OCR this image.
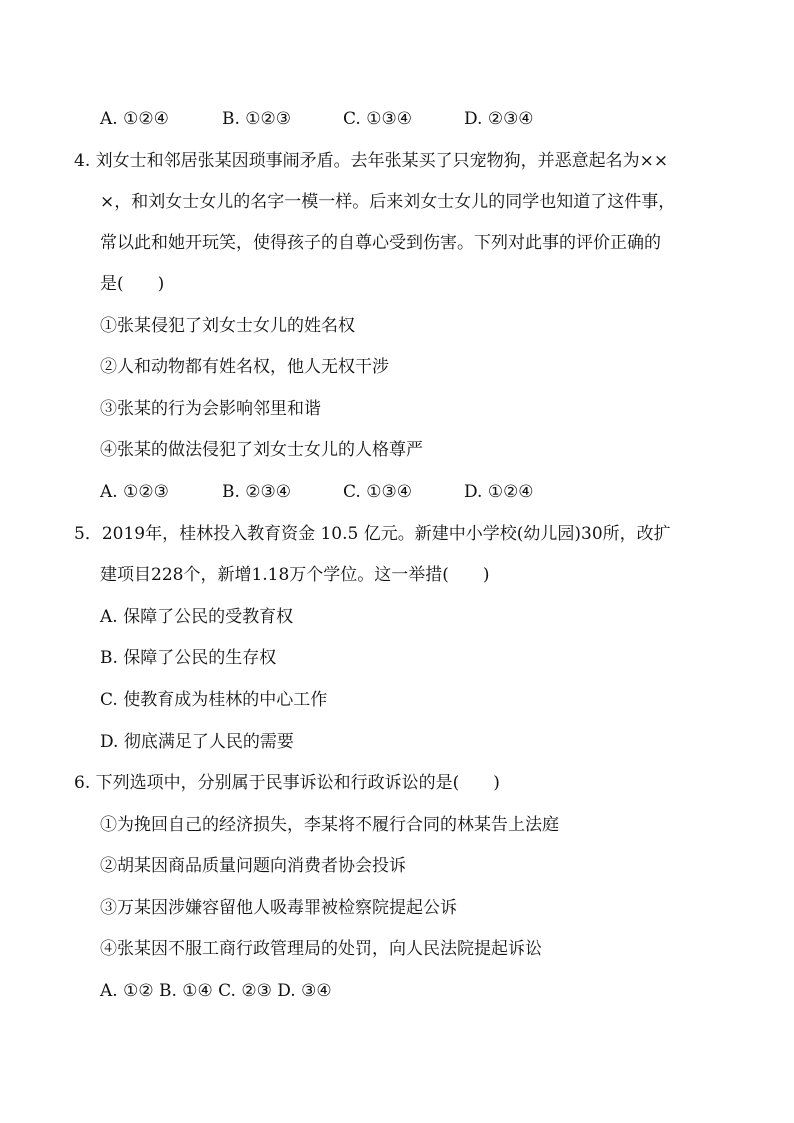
A. ①②④	B. ①②③	C. ①③④	D. ②③④
4. 刘女士和邻居张某因琐事闹矛盾。去年张某买了只宠物狗，并恶意起名为××
×，和刘女士女儿的名字一模一样。后来刘女士女儿的同学也知道了这件事，
常以此和她开玩笑，使得孩子的自尊心受到伤害。下列对此事的评价正确的
是(　　)
①张某侵犯了刘女士女儿的姓名权
②人和动物都有姓名权，他人无权干涉
③张某的行为会影响邻里和谐
④张某的做法侵犯了刘女士女儿的人格尊严
A. ①②③	B. ②③④	C. ①③④	D. ①②④
5．2019年，桂林投入教育资金 10.5 亿元。新建中小学校(幼儿园)30所，改扩
建项目228个，新增1.18万个学位。这一举措(　　)
A. 保障了公民的受教育权
B. 保障了公民的生存权
C. 使教育成为桂林的中心工作
D. 彻底满足了人民的需要
6. 下列选项中，分别属于民事诉讼和行政诉讼的是(　　)
①为挽回自己的经济损失，李某将不履行合同的林某告上法庭
②胡某因商品质量问题向消费者协会投诉
③万某因涉嫌容留他人吸毒罪被检察院提起公诉
④张某因不服工商行政管理局的处罚，向人民法院提起诉讼
A. ①② B. ①④ C. ②③ D. ③④
